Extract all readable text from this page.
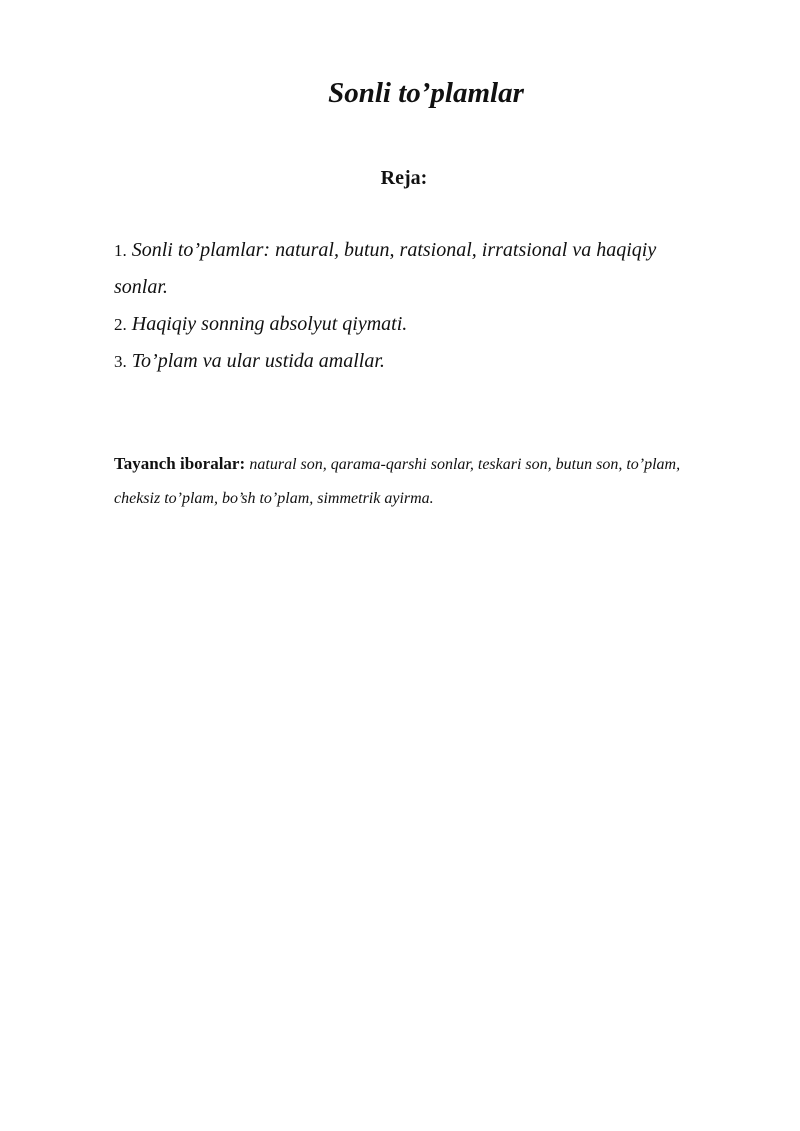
Sonli to’plamlar
Reja:
1. Sonli to’plamlar: natural, butun, ratsional, irratsional va haqiqiy sonlar.
2. Haqiqiy sonning absolyut qiymati.
3. To’plam va ular ustida amallar.

Tayanch iboralar: natural son, qarama-qarshi sonlar, teskari son, butun son, to’plam, cheksiz to’plam, bo’sh to’plam, simmetrik ayirma.
